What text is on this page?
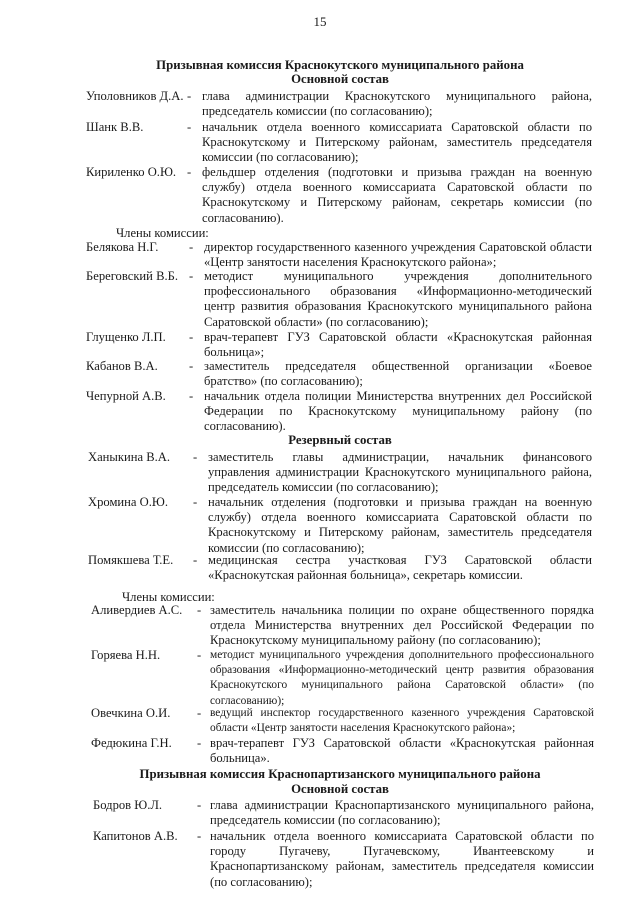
15
Призывная комиссия Краснокутского муниципального района
Основной состав
Уполовников Д.А. - глава администрации Краснокутского муниципального района, председатель комиссии (по согласованию);
Шанк В.В.	- начальник отдела военного комиссариата Саратовской области по Краснокутскому и Питерскому районам, заместитель председателя комиссии (по согласованию);
Кириленко О.Ю. - фельдшер отделения (подготовки и призыва граждан на военную службу) отдела военного комиссариата Саратовской области по Краснокутскому и Питерскому районам, секретарь комиссии (по согласованию).
Члены комиссии:
Белякова Н.Г. - директор государственного казенного учреждения Саратовской области «Центр занятости населения Краснокутского района»;
Береговский В.Б. - методист муниципального учреждения дополнительного профессионального образования «Информационно-методический центр развития образования Краснокутского муниципального района Саратовской области» (по согласованию);
Глущенко Л.П. - врач-терапевт ГУЗ Саратовской области «Краснокутская районная больница»;
Кабанов В.А. - заместитель председателя общественной организации «Боевое братство» (по согласованию);
Чепурной А.В. - начальник отдела полиции Министерства внутренних дел Российской Федерации по Краснокутскому муниципальному району (по согласованию).
Резервный состав
Ханыкина В.А. - заместитель главы администрации, начальник финансового управления администрации Краснокутского муниципального района, председатель комиссии (по согласованию);
Хромина О.Ю. - начальник отделения (подготовки и призыва граждан на военную службу) отдела военного комиссариата Саратовской области по Краснокутскому и Питерскому районам, заместитель председателя комиссии (по согласованию);
Помякшева Т.Е. - медицинская сестра участковая ГУЗ Саратовской области «Краснокутская районная больница», секретарь комиссии.
Члены комиссии:
Аливердиев А.С. - заместитель начальника полиции по охране общественного порядка отдела Министерства внутренних дел Российской Федерации по Краснокутскому муниципальному району (по согласованию);
Горяева Н.Н.	- методист муниципального учреждения дополнительного профессионального образования «Информационно-методический центр развития образования Краснокутского муниципального района Саратовской области» (по согласованию);
Овечкина О.И. - ведущий инспектор государственного казенного учреждения Саратовской области «Центр занятости населения Краснокутского района»;
Федюкина Г.Н. - врач-терапевт ГУЗ Саратовской области «Краснокутская районная больница».
Призывная комиссия Краснопартизанского муниципального района
Основной состав
Бодров Ю.Л.	- глава администрации Краснопартизанского муниципального района, председатель комиссии (по согласованию);
Капитонов А.В. - начальник отдела военного комиссариата Саратовской области по городу Пугачеву, Пугачевскому, Ивантеевскому и Краснопартизанскому районам, заместитель председателя комиссии (по согласованию);
